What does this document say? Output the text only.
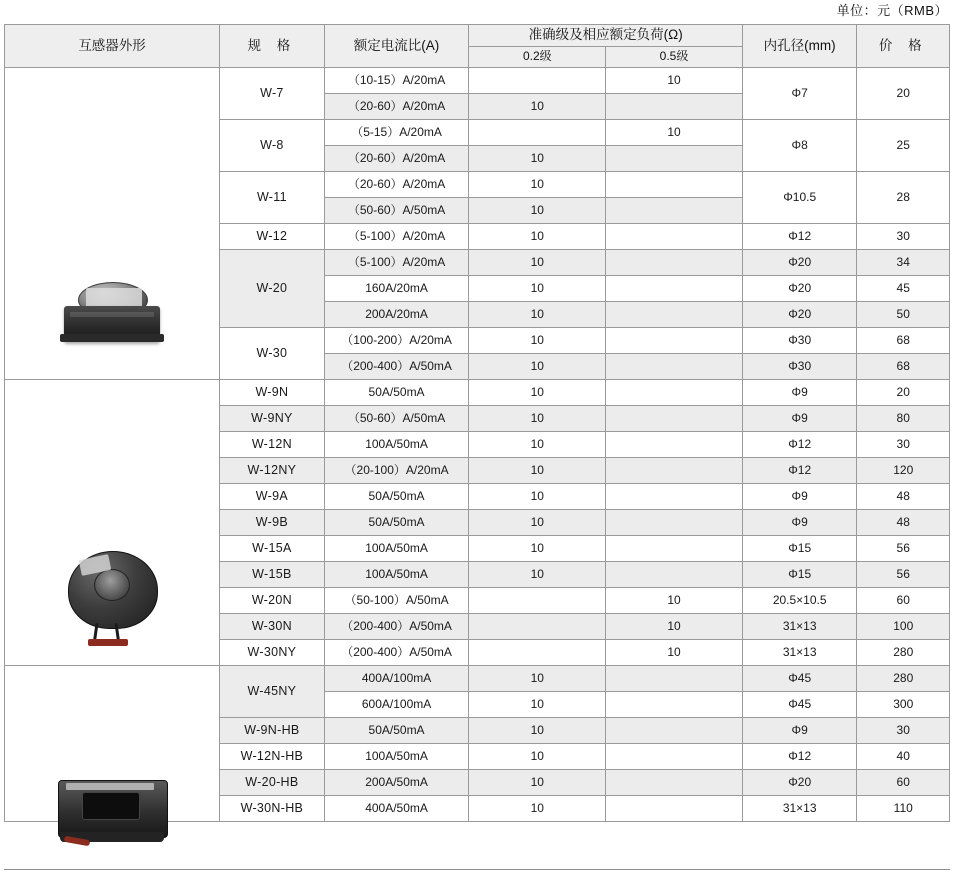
单位：元（RMB）
互感器外形	规 格	额定电流比(A)	准确级及相应额定负荷(Ω)		内孔径(mm)	价 格
			0.2级	0.5级		

	W-7	（10-15）A/20mA		10	Φ7	20
		（20-60）A/20mA	10			
	W-8	（5-15）A/20mA		10	Φ8	25
		（20-60）A/20mA	10			
	W-11	（20-60）A/20mA	10		Φ10.5	28
		（50-60）A/50mA	10			
	W-12	（5-100）A/20mA	10		Φ12	30
	W-20	（5-100）A/20mA	10		Φ20	34
		160A/20mA	10		Φ20	45
		200A/20mA	10		Φ20	50
	W-30	（100-200）A/20mA	10		Φ30	68
		（200-400）A/50mA	10		Φ30	68

	W-9N	50A/50mA	10		Φ9	20
	W-9NY	（50-60）A/50mA	10		Φ9	80
	W-12N	100A/50mA	10		Φ12	30
	W-12NY	（20-100）A/20mA	10		Φ12	120
	W-9A	50A/50mA	10		Φ9	48
	W-9B	50A/50mA	10		Φ9	48
	W-15A	100A/50mA	10		Φ15	56
	W-15B	100A/50mA	10		Φ15	56
	W-20N	（50-100）A/50mA		10	20.5×10.5	60
	W-30N	（200-400）A/50mA		10	31×13	100
	W-30NY	（200-400）A/50mA		10	31×13	280

	W-45NY	400A/100mA	10		Φ45	280
		600A/100mA	10		Φ45	300
	W-9N-HB	50A/50mA	10		Φ9	30
	W-12N-HB	100A/50mA	10		Φ12	40
	W-20-HB	200A/50mA	10		Φ20	60
	W-30N-HB	400A/50mA	10		31×13	110
